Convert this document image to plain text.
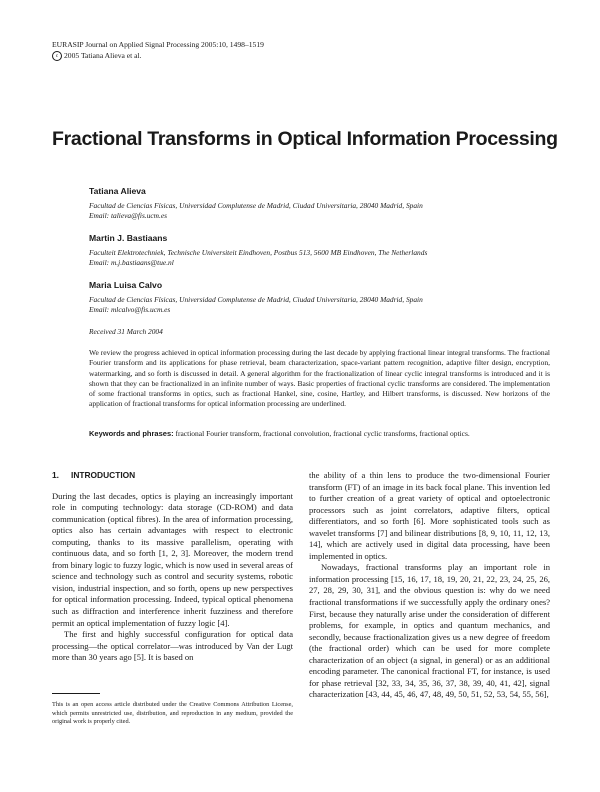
EURASIP Journal on Applied Signal Processing 2005:10, 1498–1519
c 2005 Tatiana Alieva et al.
Fractional Transforms in Optical Information Processing
Tatiana Alieva
Facultad de Ciencias Físicas, Universidad Complutense de Madrid, Ciudad Universitaria, 28040 Madrid, Spain
Email: talieva@fis.ucm.es
Martin J. Bastiaans
Faculteit Elektrotechniek, Technische Universiteit Eindhoven, Postbus 513, 5600 MB Eindhoven, The Netherlands
Email: m.j.bastiaans@tue.nl
Maria Luisa Calvo
Facultad de Ciencias Físicas, Universidad Complutense de Madrid, Ciudad Universitaria, 28040 Madrid, Spain
Email: mlcalvo@fis.ucm.es
Received 31 March 2004

We review the progress achieved in optical information processing during the last decade by applying fractional linear integral transforms. The fractional Fourier transform and its applications for phase retrieval, beam characterization, space-variant pattern recognition, adaptive filter design, encryption, watermarking, and so forth is discussed in detail. A general algorithm for the fractionalization of linear cyclic integral transforms is introduced and it is shown that they can be fractionalized in an infinite number of ways. Basic properties of fractional cyclic transforms are considered. The implementation of some fractional transforms in optics, such as fractional Hankel, sine, cosine, Hartley, and Hilbert transforms, is discussed. New horizons of the application of fractional transforms for optical information processing are underlined.

Keywords and phrases: fractional Fourier transform, fractional convolution, fractional cyclic transforms, fractional optics.
1. INTRODUCTION

During the last decades, optics is playing an increasingly important role in computing technology: data storage (CD-ROM) and data communication (optical fibres). In the area of information processing, optics also has certain advantages with respect to electronic computing, thanks to its massive parallelism, operating with continuous data, and so forth [1, 2, 3]. Moreover, the modern trend from binary logic to fuzzy logic, which is now used in several areas of science and technology such as control and security systems, robotic vision, industrial inspection, and so forth, opens up new perspectives for optical information processing. Indeed, typical optical phenomena such as diffraction and interference inherit fuzziness and therefore permit an optical implementation of fuzzy logic [4].

The first and highly successful configuration for optical data processing—the optical correlator—was introduced by Van der Lugt more than 30 years ago [5]. It is based on

the ability of a thin lens to produce the two-dimensional Fourier transform (FT) of an image in its back focal plane. This invention led to further creation of a great variety of optical and optoelectronic processors such as joint correlators, adaptive filters, optical differentiators, and so forth [6]. More sophisticated tools such as wavelet transforms [7] and bilinear distributions [8, 9, 10, 11, 12, 13, 14], which are actively used in digital data processing, have been implemented in optics.

Nowadays, fractional transforms play an important role in information processing [15, 16, 17, 18, 19, 20, 21, 22, 23, 24, 25, 26, 27, 28, 29, 30, 31], and the obvious question is: why do we need fractional transformations if we successfully apply the ordinary ones? First, because they naturally arise under the consideration of different problems, for example, in optics and quantum mechanics, and secondly, because fractionalization gives us a new degree of freedom (the fractional order) which can be used for more complete characterization of an object (a signal, in general) or as an additional encoding parameter. The canonical fractional FT, for instance, is used for phase retrieval [32, 33, 34, 35, 36, 37, 38, 39, 40, 41, 42], signal characterization [43, 44, 45, 46, 47, 48, 49, 50, 51, 52, 53, 54, 55, 56],

This is an open access article distributed under the Creative Commons Attribution License, which permits unrestricted use, distribution, and reproduction in any medium, provided the original work is properly cited.
